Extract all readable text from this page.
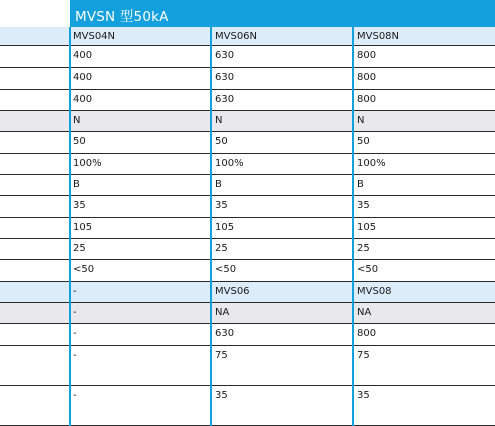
MVSN 型50kA
MVS04N	MVS06N	MVS08N
400	630	800
400	630	800
400	630	800
N	N	N
50	50	50
100%	100%	100%
B	B	B
35	35	35
105	105	105
25	25	25
<50	<50	<50
-	MVS06	MVS08
-	NA	NA
-	630	800
-	75	75
-	35	35
